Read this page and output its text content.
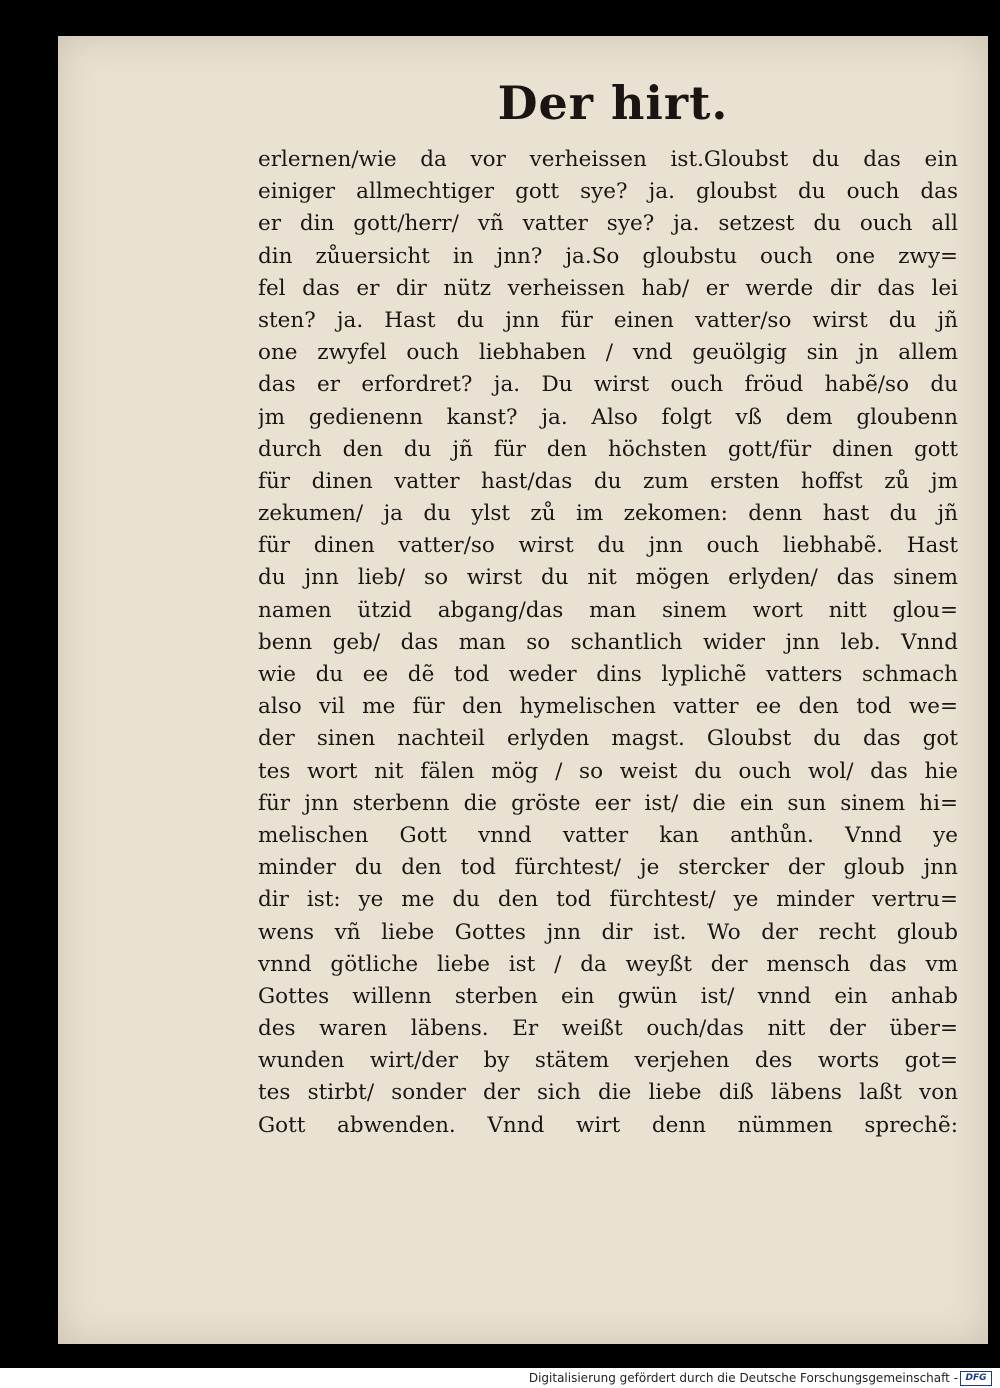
Der hirt.
erlernen/wie da vor verheissen ist.Gloubst du das ein
einiger allmechtiger gott sye? ja. gloubst du ouch das
er din gott/herr/ vñ vatter sye? ja. setzest du ouch all
din zůuersicht in jnn? ja.So gloubstu ouch one zwy=
fel das er dir nütz verheissen hab/ er werde dir das lei
sten? ja. Hast du jnn für einen vatter/so wirst du jñ
one zwyfel ouch liebhaben / vnd geuölgig sin jn allem
das er erfordret? ja. Du wirst ouch fröud habẽ/so du
jm gedienenn kanst? ja. Also folgt vß dem gloubenn
durch den du jñ für den höchsten gott/für dinen gott
für dinen vatter hast/das du zum ersten hoffst zů jm
zekumen/ ja du ylst zů im zekomen: denn hast du jñ
für dinen vatter/so wirst du jnn ouch liebhabẽ. Hast
du jnn lieb/ so wirst du nit mögen erlyden/ das sinem
namen ützid abgang/das man sinem wort nitt glou=
benn geb/ das man so schantlich wider jnn leb. Vnnd
wie du ee dẽ tod weder dins lyplichẽ vatters schmach
also vil me für den hymelischen vatter ee den tod we=
der sinen nachteil erlyden magst. Gloubst du das got
tes wort nit fälen mög / so weist du ouch wol/ das hie
für jnn sterbenn die gröste eer ist/ die ein sun sinem hi=
melischen Gott vnnd vatter kan anthůn. Vnnd ye
minder du den tod fürchtest/ je stercker der gloub jnn
dir ist: ye me du den tod fürchtest/ ye minder vertru=
wens vñ liebe Gottes jnn dir ist. Wo der recht gloub
vnnd götliche liebe ist / da weyßt der mensch das vm
Gottes willenn sterben ein gwün ist/ vnnd ein anhab
des waren läbens. Er weißt ouch/das nitt der über=
wunden wirt/der by stätem verjehen des worts got=
tes stirbt/ sonder der sich die liebe diß läbens laßt von
Gott abwenden. Vnnd wirt denn nümmen sprechẽ:
Digitalisierung gefördert durch die Deutsche Forschungsgemeinschaft - DFG
